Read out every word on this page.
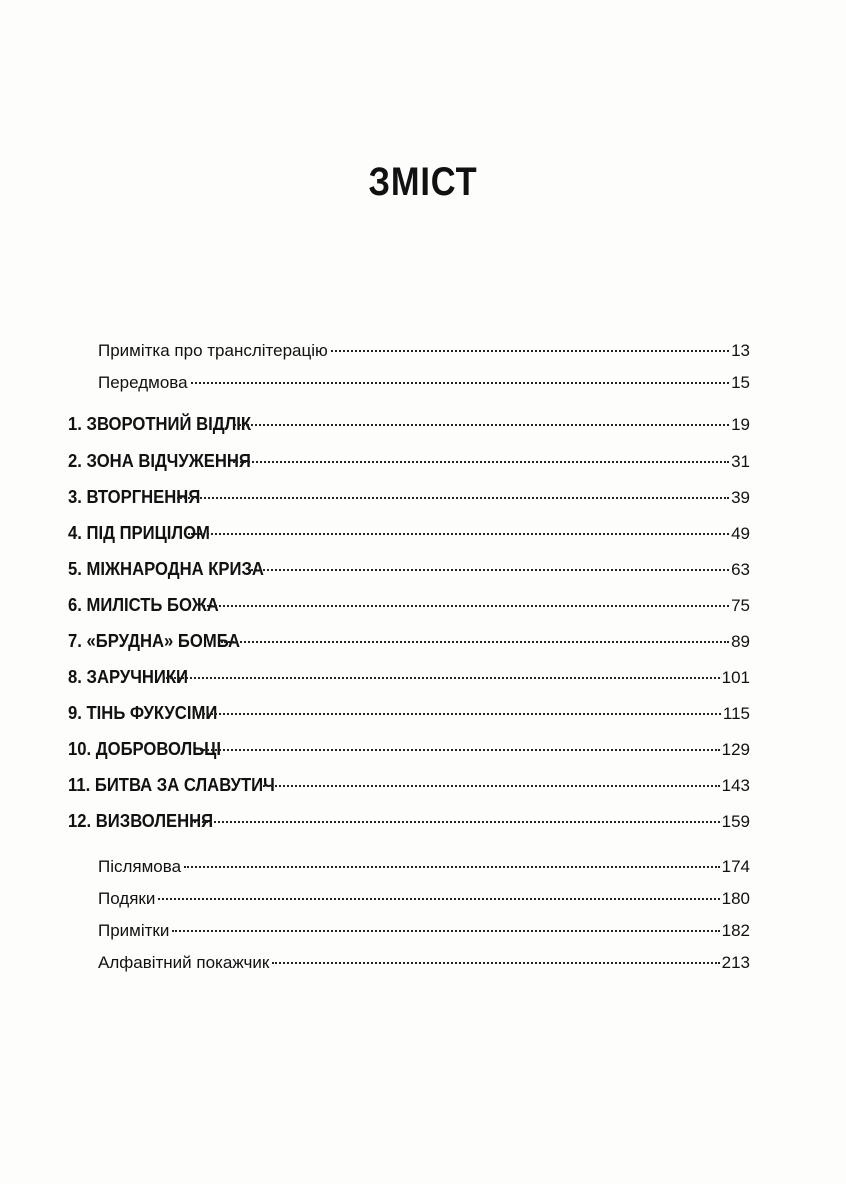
ЗМІСТ
Примітка про транслітерацію	13
Передмова	15
1. ЗВОРОТНИЙ ВІДЛІК	19
2. ЗОНА ВІДЧУЖЕННЯ	31
3. ВТОРГНЕННЯ	39
4. ПІД ПРИЦІЛОМ	49
5. МІЖНАРОДНА КРИЗА	63
6. МИЛІСТЬ БОЖА	75
7. «БРУДНА» БОМБА	89
8. ЗАРУЧНИКИ	101
9. ТІНЬ ФУКУСІМИ	115
10. ДОБРОВОЛЬЦІ	129
11. БИТВА ЗА СЛАВУТИЧ	143
12. ВИЗВОЛЕННЯ	159
Післямова	174
Подяки	180
Примітки	182
Алфавітний покажчик	213
